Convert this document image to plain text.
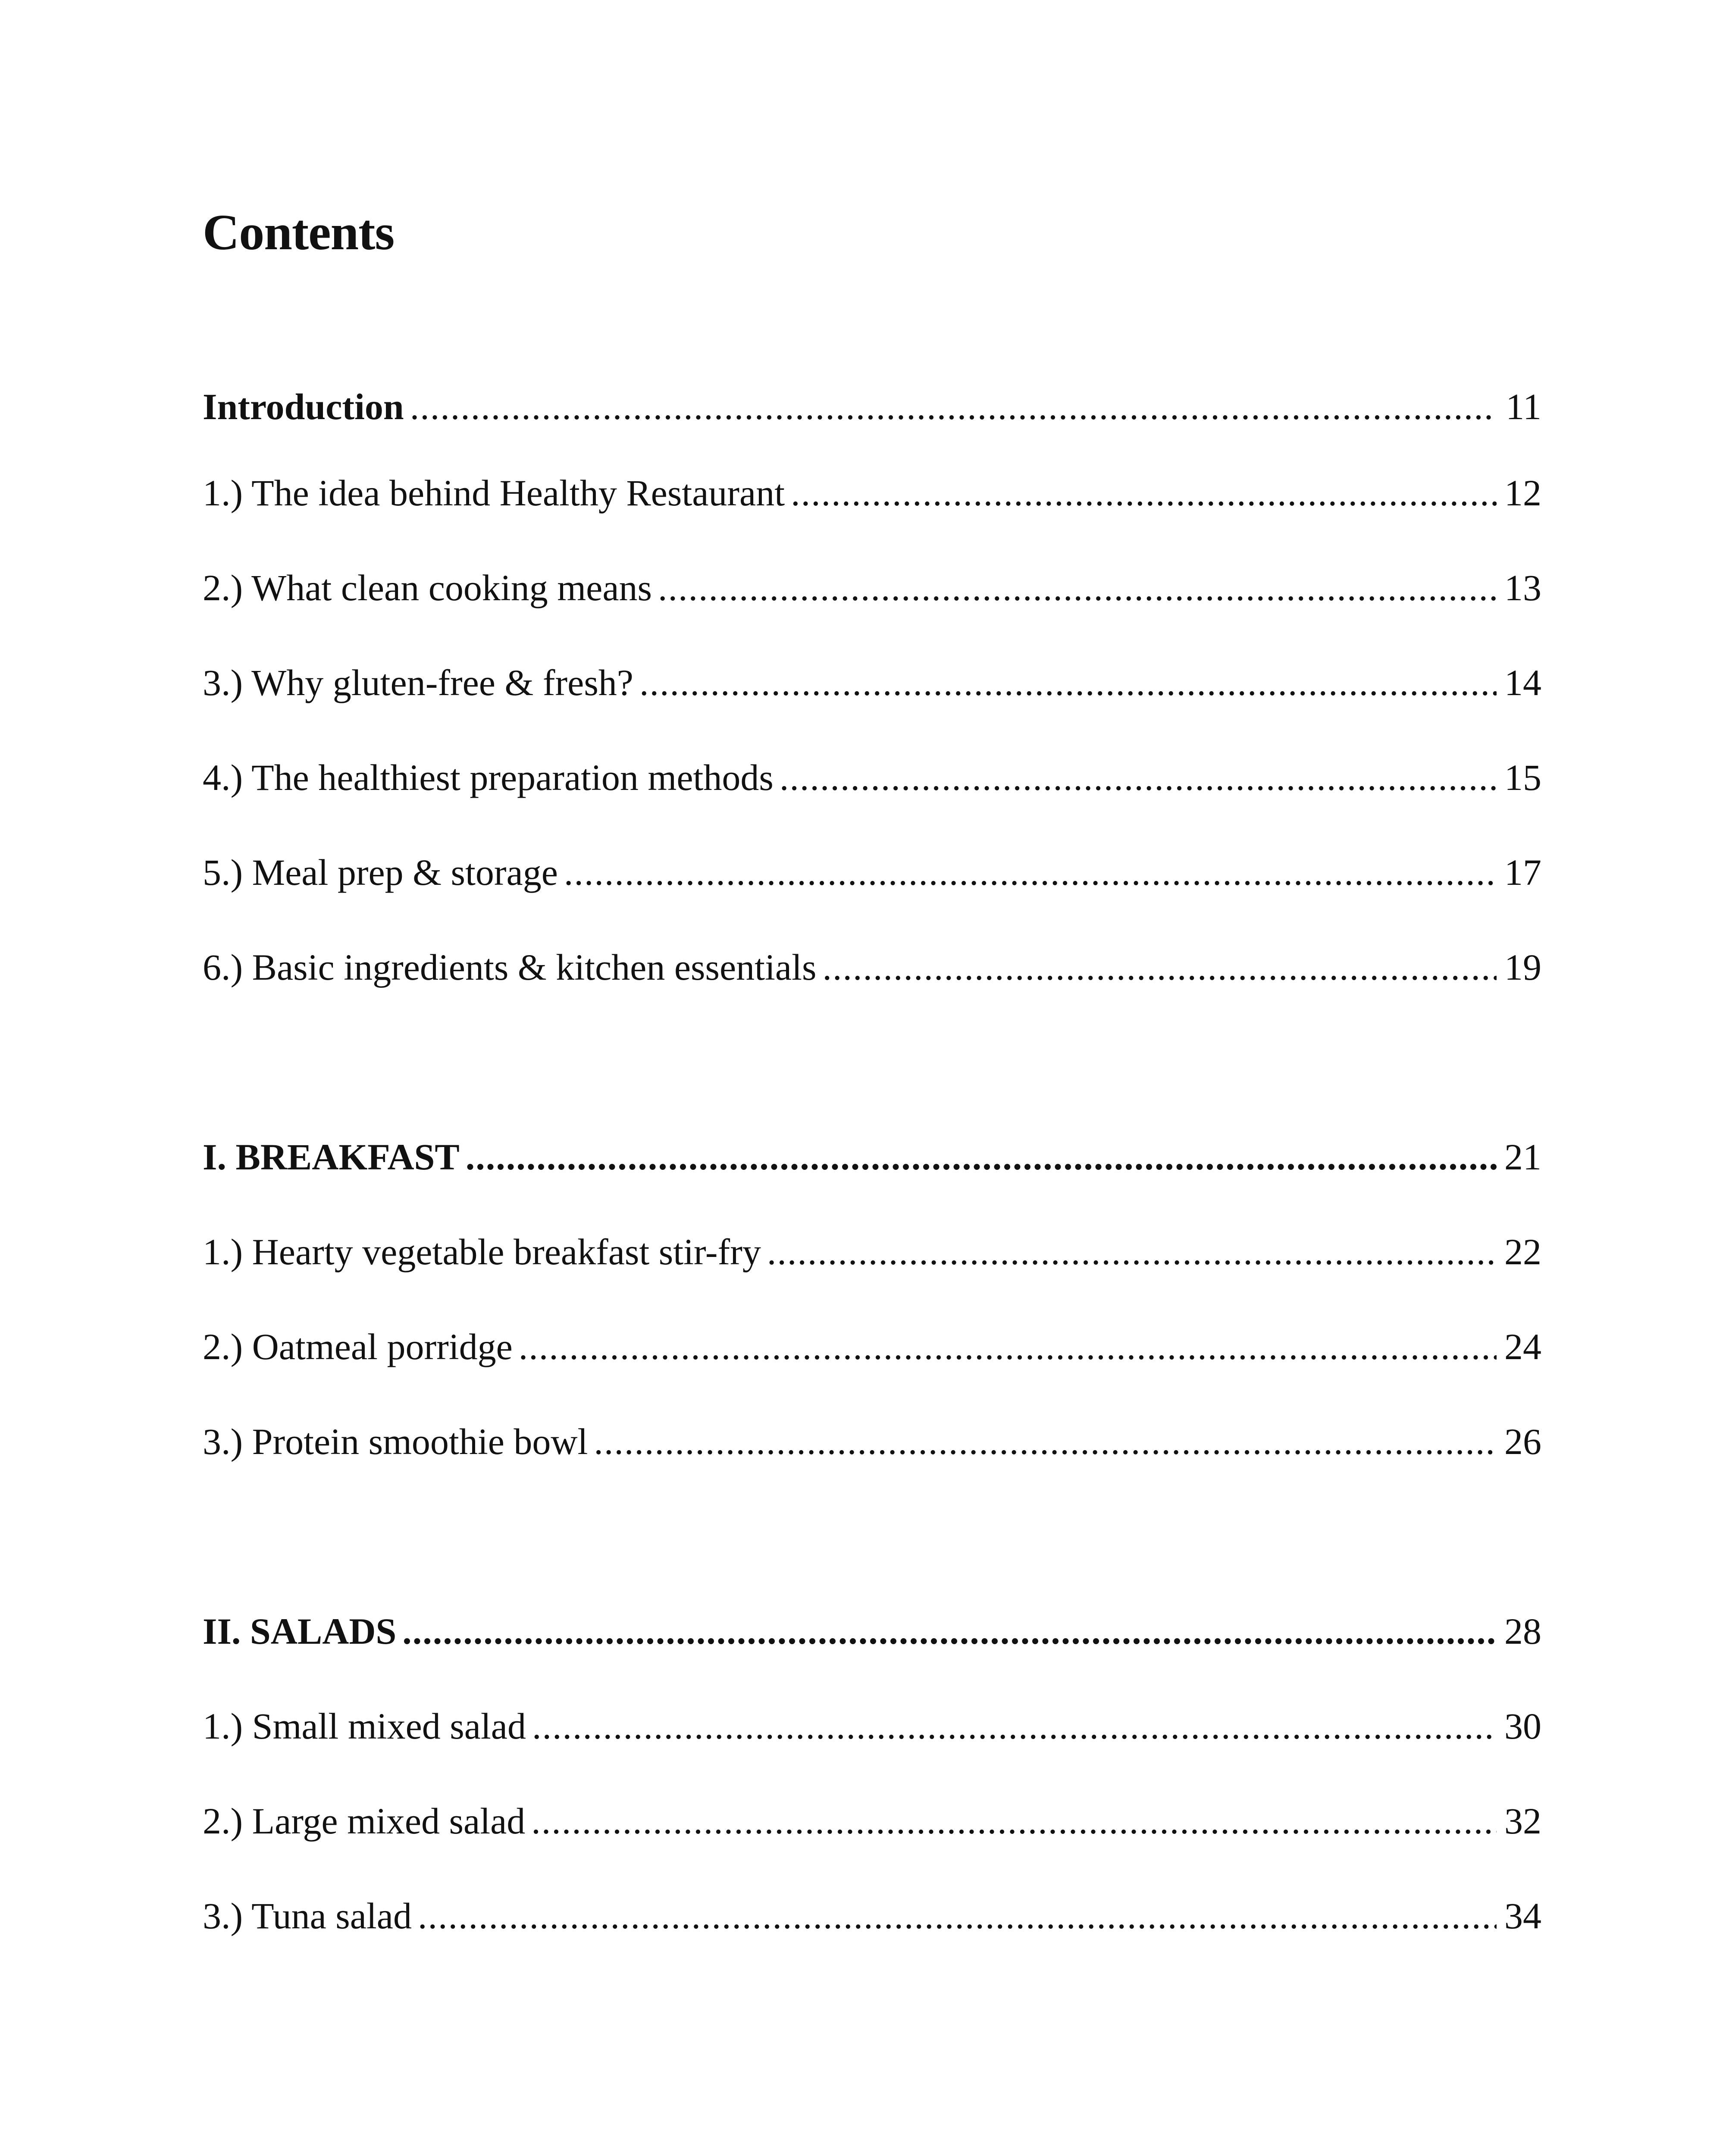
Contents
Introduction .....	11
1.) The idea behind Healthy Restaurant .....	12
2.) What clean cooking means .....	13
3.) Why gluten-free & fresh? .....	14
4.) The healthiest preparation methods .....	15
5.) Meal prep & storage .....	17
6.) Basic ingredients & kitchen essentials .....	19
I. BREAKFAST .....	21
1.) Hearty vegetable breakfast stir-fry .....	22
2.) Oatmeal porridge .....	24
3.) Protein smoothie bowl .....	26
II. SALADS .....	28
1.) Small mixed salad .....	30
2.) Large mixed salad .....	32
3.) Tuna salad .....	34
